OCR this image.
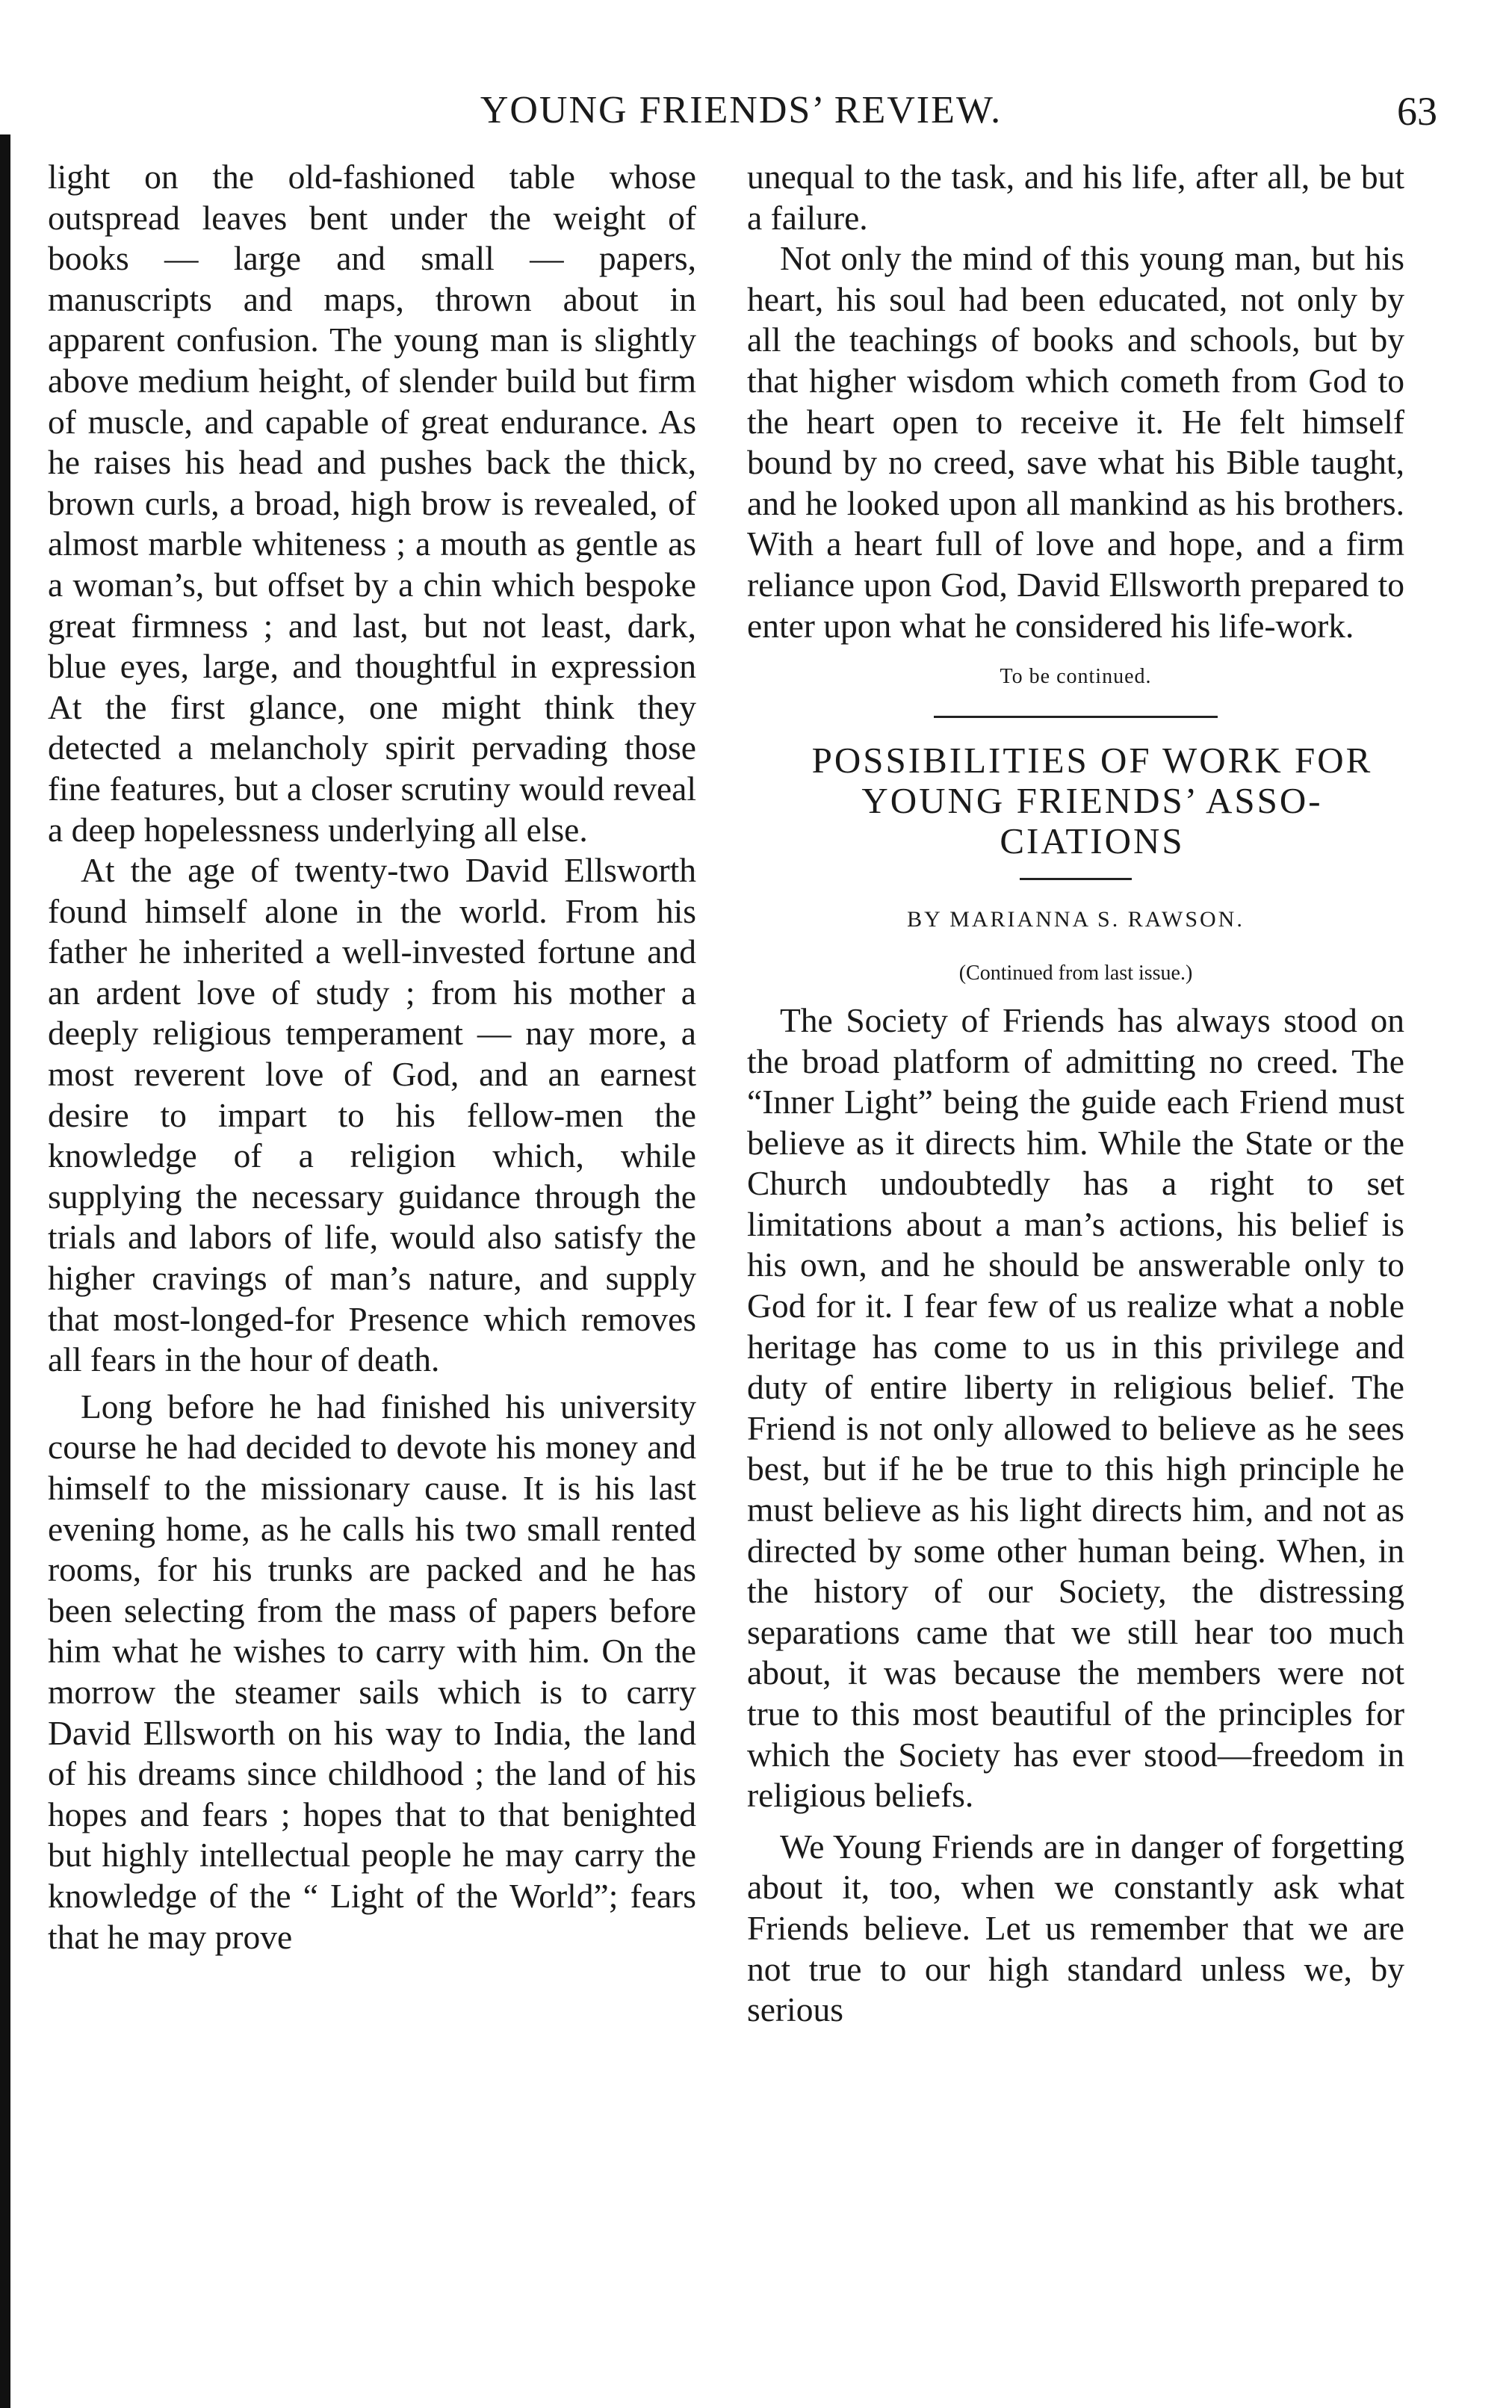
YOUNG FRIENDS’ REVIEW.	63

light on the old-fashioned table whose outspread leaves bent under the weight of books — large and small — papers, manuscripts and maps, thrown about in apparent confusion. The young man is slightly above medium height, of slender build but firm of muscle, and capable of great endurance. As he raises his head and pushes back the thick, brown curls, a broad, high brow is revealed, of almost marble whiteness ; a mouth as gentle as a woman’s, but offset by a chin which bespoke great firmness ; and last, but not least, dark, blue eyes, large, and thoughtful in expression At the first glance, one might think they detected a melancholy spirit pervading those fine features, but a closer scrutiny would reveal a deep hopelessness underlying all else.

At the age of twenty-two David Ellsworth found himself alone in the world. From his father he inherited a well-invested fortune and an ardent love of study ; from his mother a deeply religious temperament — nay more, a most reverent love of God, and an earnest desire to impart to his fellow-men the knowledge of a religion which, while supplying the necessary guidance through the trials and labors of life, would also satisfy the higher cravings of man’s nature, and supply that most-longed-for Presence which removes all fears in the hour of death.

Long before he had finished his university course he had decided to devote his money and himself to the missionary cause. It is his last evening home, as he calls his two small rented rooms, for his trunks are packed and he has been selecting from the mass of papers before him what he wishes to carry with him. On the morrow the steamer sails which is to carry David Ellsworth on his way to India, the land of his dreams since childhood ; the land of his hopes and fears ; hopes that to that benighted but highly intellectual people he may carry the knowledge of the “ Light of the World”; fears that he may prove

unequal to the task, and his life, after all, be but a failure.

Not only the mind of this young man, but his heart, his soul had been educated, not only by all the teachings of books and schools, but by that higher wisdom which cometh from God to the heart open to receive it. He felt himself bound by no creed, save what his Bible taught, and he looked upon all mankind as his brothers. With a heart full of love and hope, and a firm reliance upon God, David Ellsworth prepared to enter upon what he considered his life-work.

To be continued.

POSSIBILITIES OF WORK FOR

YOUNG FRIENDS’ ASSO-

CIATIONS

BY MARIANNA S. RAWSON.
(Continued from last issue.)

The Society of Friends has always stood on the broad platform of admitting no creed. The “Inner Light” being the guide each Friend must believe as it directs him. While the State or the Church undoubtedly has a right to set limitations about a man’s actions, his belief is his own, and he should be answerable only to God for it. I fear few of us realize what a noble heritage has come to us in this privilege and duty of entire liberty in religious belief. The Friend is not only allowed to believe as he sees best, but if he be true to this high principle he must believe as his light directs him, and not as directed by some other human being. When, in the history of our Society, the distressing separations came that we still hear too much about, it was because the members were not true to this most beautiful of the principles for which the Society has ever stood—freedom in religious beliefs.

We Young Friends are in danger of forgetting about it, too, when we constantly ask what Friends believe. Let us remember that we are not true to our high standard unless we, by serious
